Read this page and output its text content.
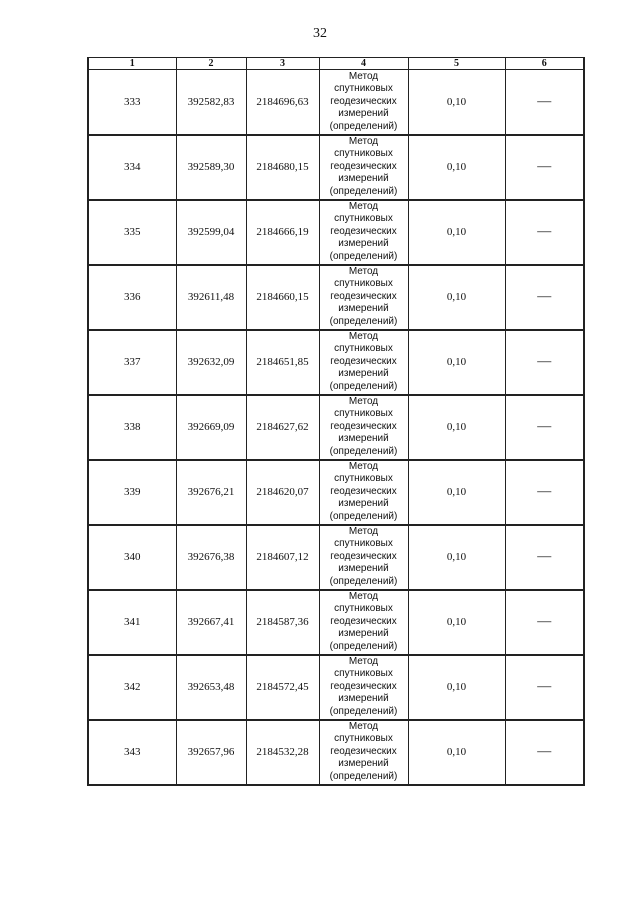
32
1	2	3	4	5	6
333	392582,83	2184696,63	Метод
спутниковых
геодезических
измерений
(определений)	0,10	—
334	392589,30	2184680,15	Метод
спутниковых
геодезических
измерений
(определений)	0,10	—
335	392599,04	2184666,19	Метод
спутниковых
геодезических
измерений
(определений)	0,10	—
336	392611,48	2184660,15	Метод
спутниковых
геодезических
измерений
(определений)	0,10	—
337	392632,09	2184651,85	Метод
спутниковых
геодезических
измерений
(определений)	0,10	—
338	392669,09	2184627,62	Метод
спутниковых
геодезических
измерений
(определений)	0,10	—
339	392676,21	2184620,07	Метод
спутниковых
геодезических
измерений
(определений)	0,10	—
340	392676,38	2184607,12	Метод
спутниковых
геодезических
измерений
(определений)	0,10	—
341	392667,41	2184587,36	Метод
спутниковых
геодезических
измерений
(определений)	0,10	—
342	392653,48	2184572,45	Метод
спутниковых
геодезических
измерений
(определений)	0,10	—
343	392657,96	2184532,28	Метод
спутниковых
геодезических
измерений
(определений)	0,10	—
